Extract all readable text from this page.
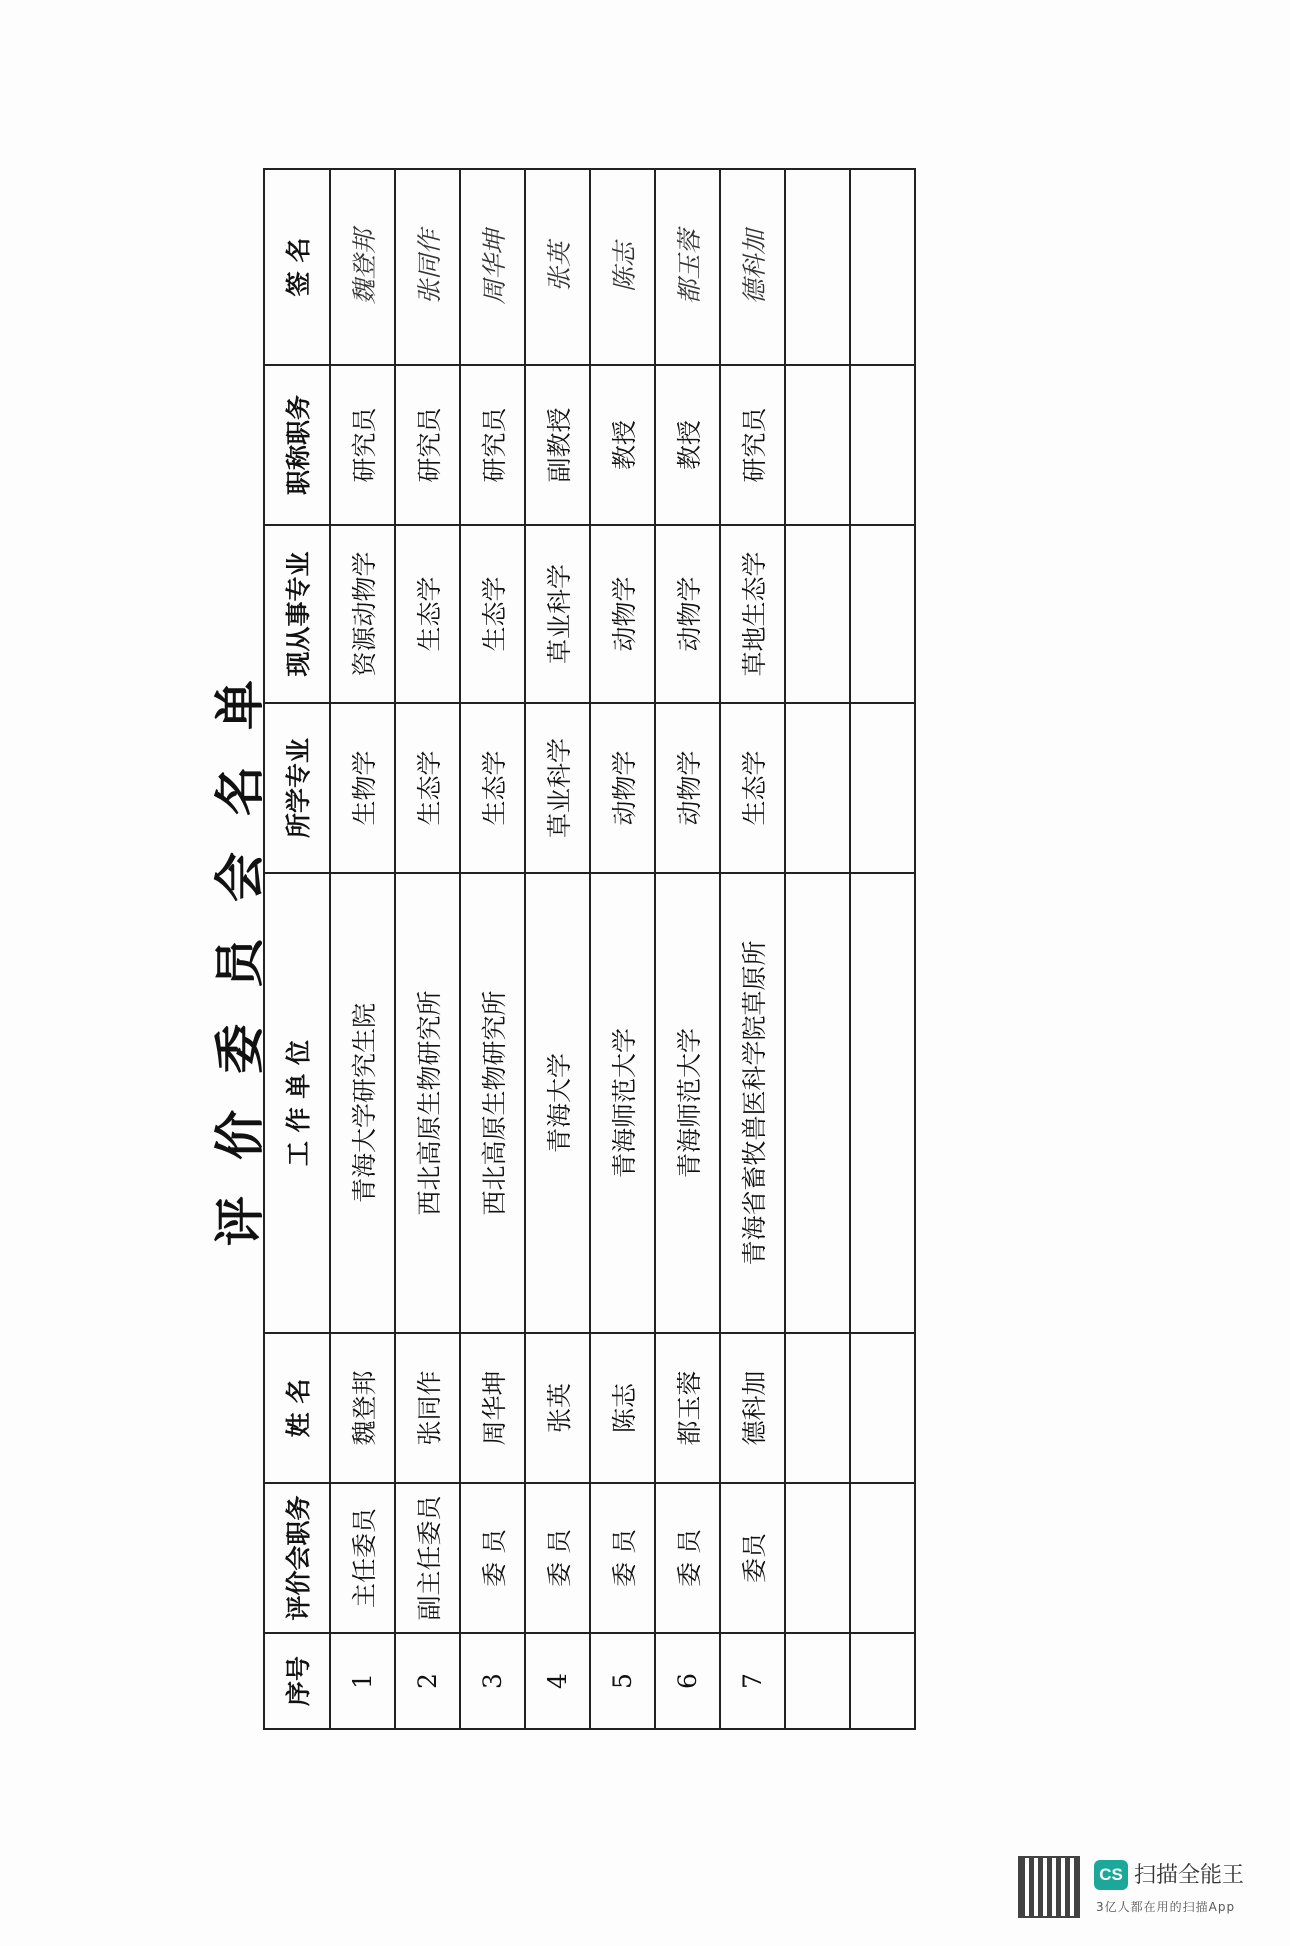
评价委员会名单
序号	评价会职务	姓 名	工 作 单 位	所学专业	现从事专业	职称职务	签 名
1	主任委员	魏登邦	青海大学研究生院	生物学	资源动物学	研究员	魏登邦
2	副主任委员	张同作	西北高原生物研究所	生态学	生态学	研究员	张同作
3	委 员	周华坤	西北高原生物研究所	生态学	生态学	研究员	周华坤
4	委 员	张英	青海大学	草业科学	草业科学	副教授	张英
5	委 员	陈志	青海师范大学	动物学	动物学	教授	陈志
6	委 员	都玉蓉	青海师范大学	动物学	动物学	教授	都玉蓉
7	委员	德科加	青海省畜牧兽医科学院草原所	生态学	草地生态学	研究员	德科加

CS 扫描全能王
3亿人都在用的扫描App
